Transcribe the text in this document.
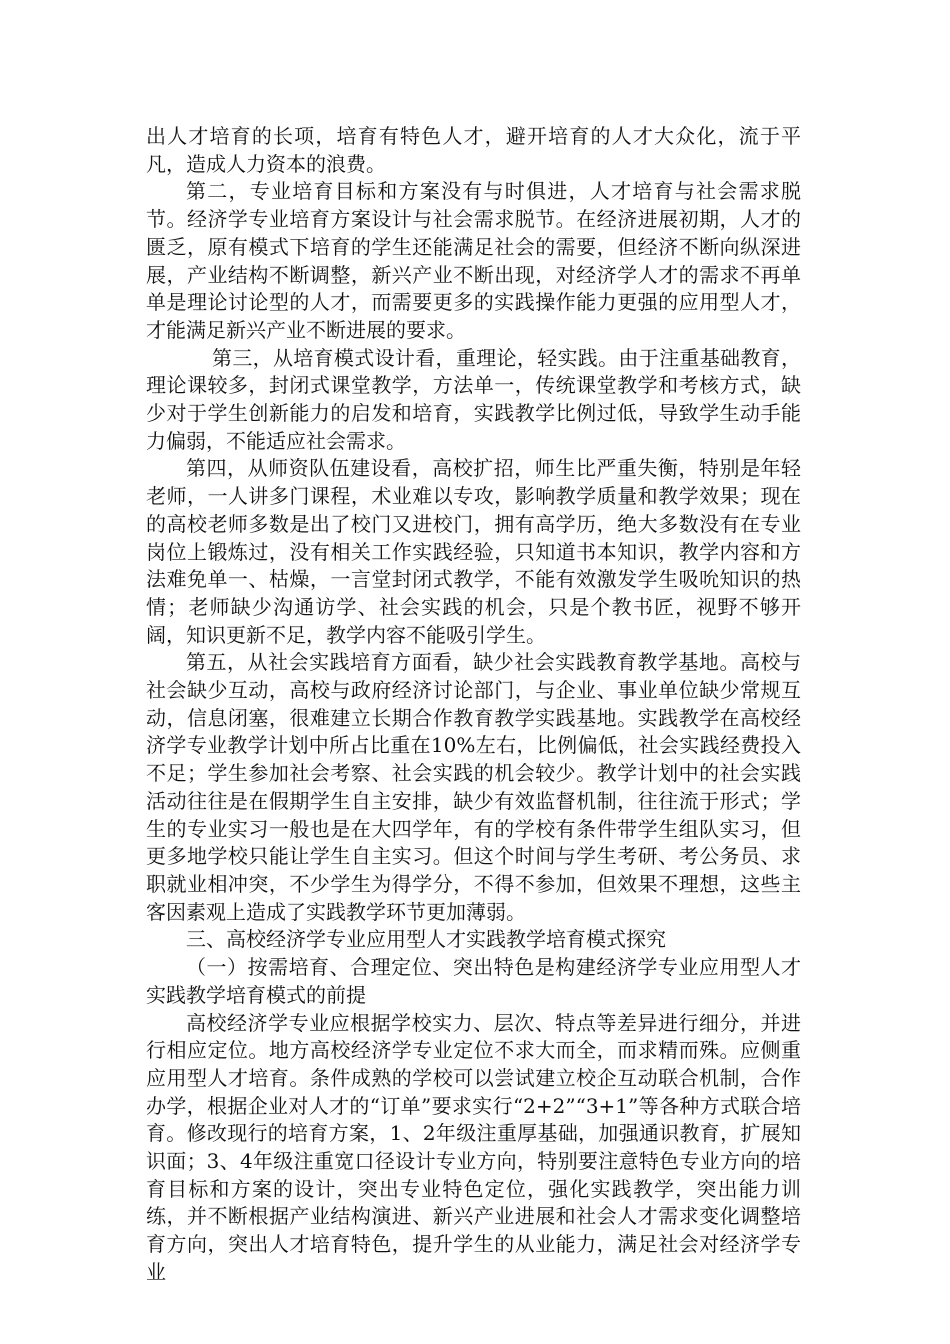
出人才培育的长项，培育有特色人才，避开培育的人才大众化，流于平凡，造成人力资本的浪费。

第二，专业培育目标和方案没有与时俱进，人才培育与社会需求脱节。经济学专业培育方案设计与社会需求脱节。在经济进展初期，人才的匮乏，原有模式下培育的学生还能满足社会的需要，但经济不断向纵深进展，产业结构不断调整，新兴产业不断出现，对经济学人才的需求不再单单是理论讨论型的人才，而需要更多的实践操作能力更强的应用型人才，才能满足新兴产业不断进展的要求。

第三，从培育模式设计看，重理论，轻实践。由于注重基础教育，理论课较多，封闭式课堂教学，方法单一，传统课堂教学和考核方式，缺少对于学生创新能力的启发和培育，实践教学比例过低，导致学生动手能力偏弱，不能适应社会需求。

第四，从师资队伍建设看，高校扩招，师生比严重失衡，特别是年轻老师，一人讲多门课程，术业难以专攻，影响教学质量和教学效果；现在的高校老师多数是出了校门又进校门，拥有高学历，绝大多数没有在专业岗位上锻炼过，没有相关工作实践经验，只知道书本知识，教学内容和方法难免单一、枯燥，一言堂封闭式教学，不能有效激发学生吸吮知识的热情；老师缺少沟通访学、社会实践的机会，只是个教书匠，视野不够开阔，知识更新不足，教学内容不能吸引学生。

第五，从社会实践培育方面看，缺少社会实践教育教学基地。高校与社会缺少互动，高校与政府经济讨论部门，与企业、事业单位缺少常规互动，信息闭塞，很难建立长期合作教育教学实践基地。实践教学在高校经济学专业教学计划中所占比重在10%左右，比例偏低，社会实践经费投入不足；学生参加社会考察、社会实践的机会较少。教学计划中的社会实践活动往往是在假期学生自主安排，缺少有效监督机制，往往流于形式；学生的专业实习一般也是在大四学年，有的学校有条件带学生组队实习，但更多地学校只能让学生自主实习。但这个时间与学生考研、考公务员、求职就业相冲突，不少学生为得学分，不得不参加，但效果不理想，这些主客因素观上造成了实践教学环节更加薄弱。

三、高校经济学专业应用型人才实践教学培育模式探究

（一）按需培育、合理定位、突出特色是构建经济学专业应用型人才实践教学培育模式的前提

高校经济学专业应根据学校实力、层次、特点等差异进行细分，并进行相应定位。地方高校经济学专业定位不求大而全，而求精而殊。应侧重应用型人才培育。条件成熟的学校可以尝试建立校企互动联合机制，合作办学，根据企业对人才的“订单”要求实行“2+2”“3+1”等各种方式联合培育。修改现行的培育方案，1、2年级注重厚基础，加强通识教育，扩展知识面；3、4年级注重宽口径设计专业方向，特别要注意特色专业方向的培育目标和方案的设计，突出专业特色定位，强化实践教学，突出能力训练，并不断根据产业结构演进、新兴产业进展和社会人才需求变化调整培育方向，突出人才培育特色，提升学生的从业能力，满足社会对经济学专业
